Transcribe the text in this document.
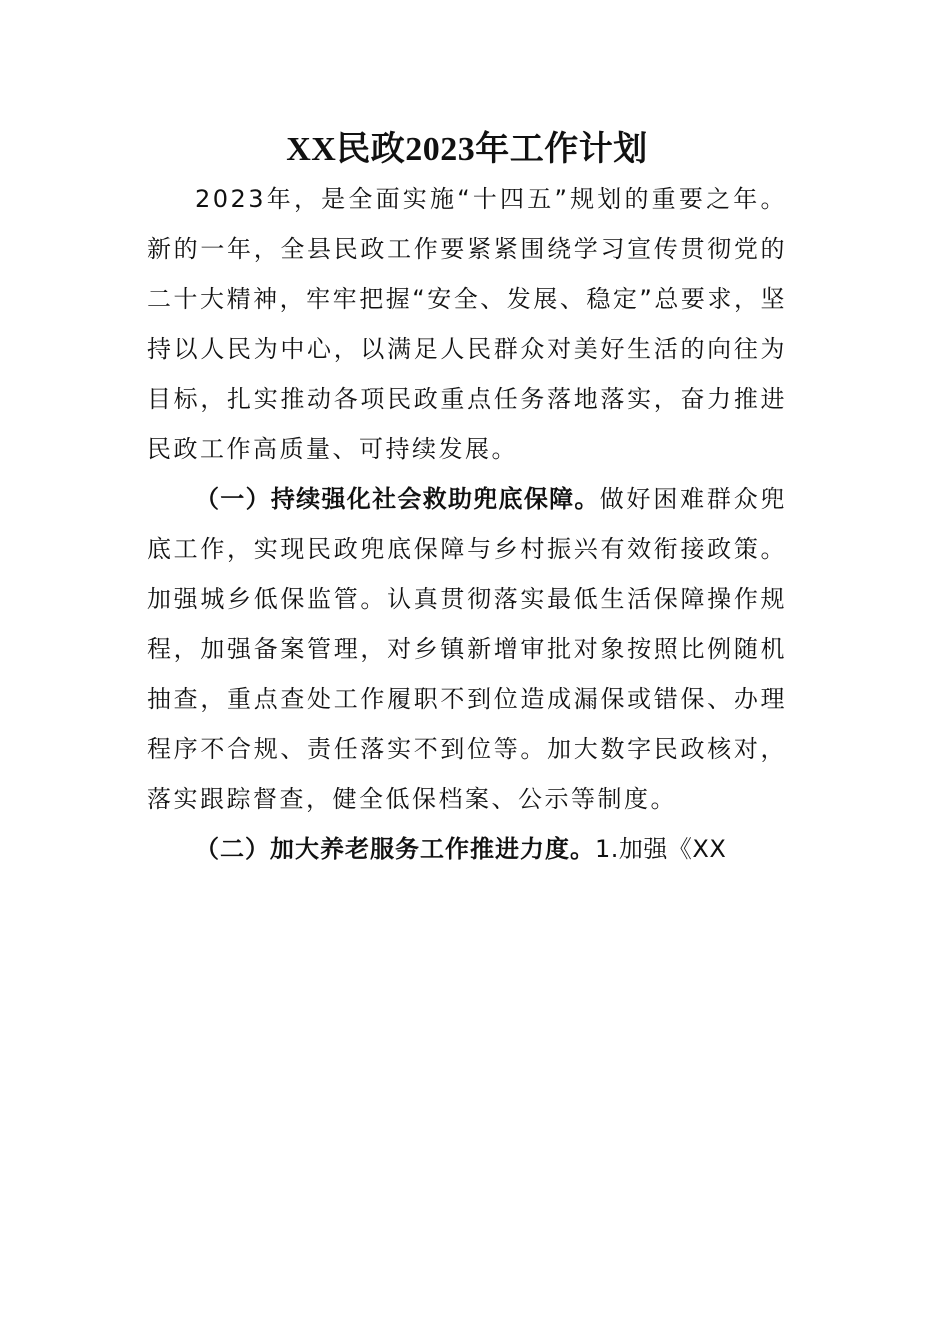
XX民政2023年工作计划

2023年，是全面实施“十四五”规划的重要之年。新的一年，全县民政工作要紧紧围绕学习宣传贯彻党的二十大精神，牢牢把握“安全、发展、稳定”总要求，坚持以人民为中心，以满足人民群众对美好生活的向往为目标，扎实推动各项民政重点任务落地落实，奋力推进民政工作高质量、可持续发展。

（一）持续强化社会救助兜底保障。做好困难群众兜底工作，实现民政兜底保障与乡村振兴有效衔接政策。加强城乡低保监管。认真贯彻落实最低生活保障操作规程，加强备案管理，对乡镇新增审批对象按照比例随机抽查，重点查处工作履职不到位造成漏保或错保、办理程序不合规、责任落实不到位等。加大数字民政核对，落实跟踪督查，健全低保档案、公示等制度。

（二）加大养老服务工作推进力度。1.加强《XX
